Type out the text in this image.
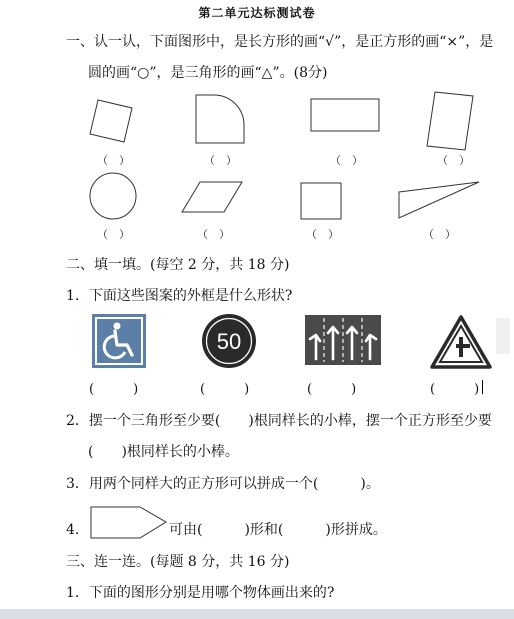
第二单元达标测试卷
一、认一认，下面图形中，是长方形的画“√”，是正方形的画“×”，是
圆的画“○”，是三角形的画“△”。(8分)
（　）	（　）	（　）	（　）
（　）	（　）	（　）	（　）
二、填一填。(每空 2 分，共 18 分)
1．下面这些图案的外框是什么形状?
50
(　　　)	(　　　)	(　　　)	(　　　)
2．摆一个三角形至少要(　　)根同样长的小棒，摆一个正方形至少要
(　　)根同样长的小棒。
3．用两个同样大的正方形可以拼成一个(　　　)。
4.	可由(　　　)形和(　　　)形拼成。
三、连一连。(每题 8 分，共 16 分)
1．下面的图形分别是用哪个物体画出来的?
